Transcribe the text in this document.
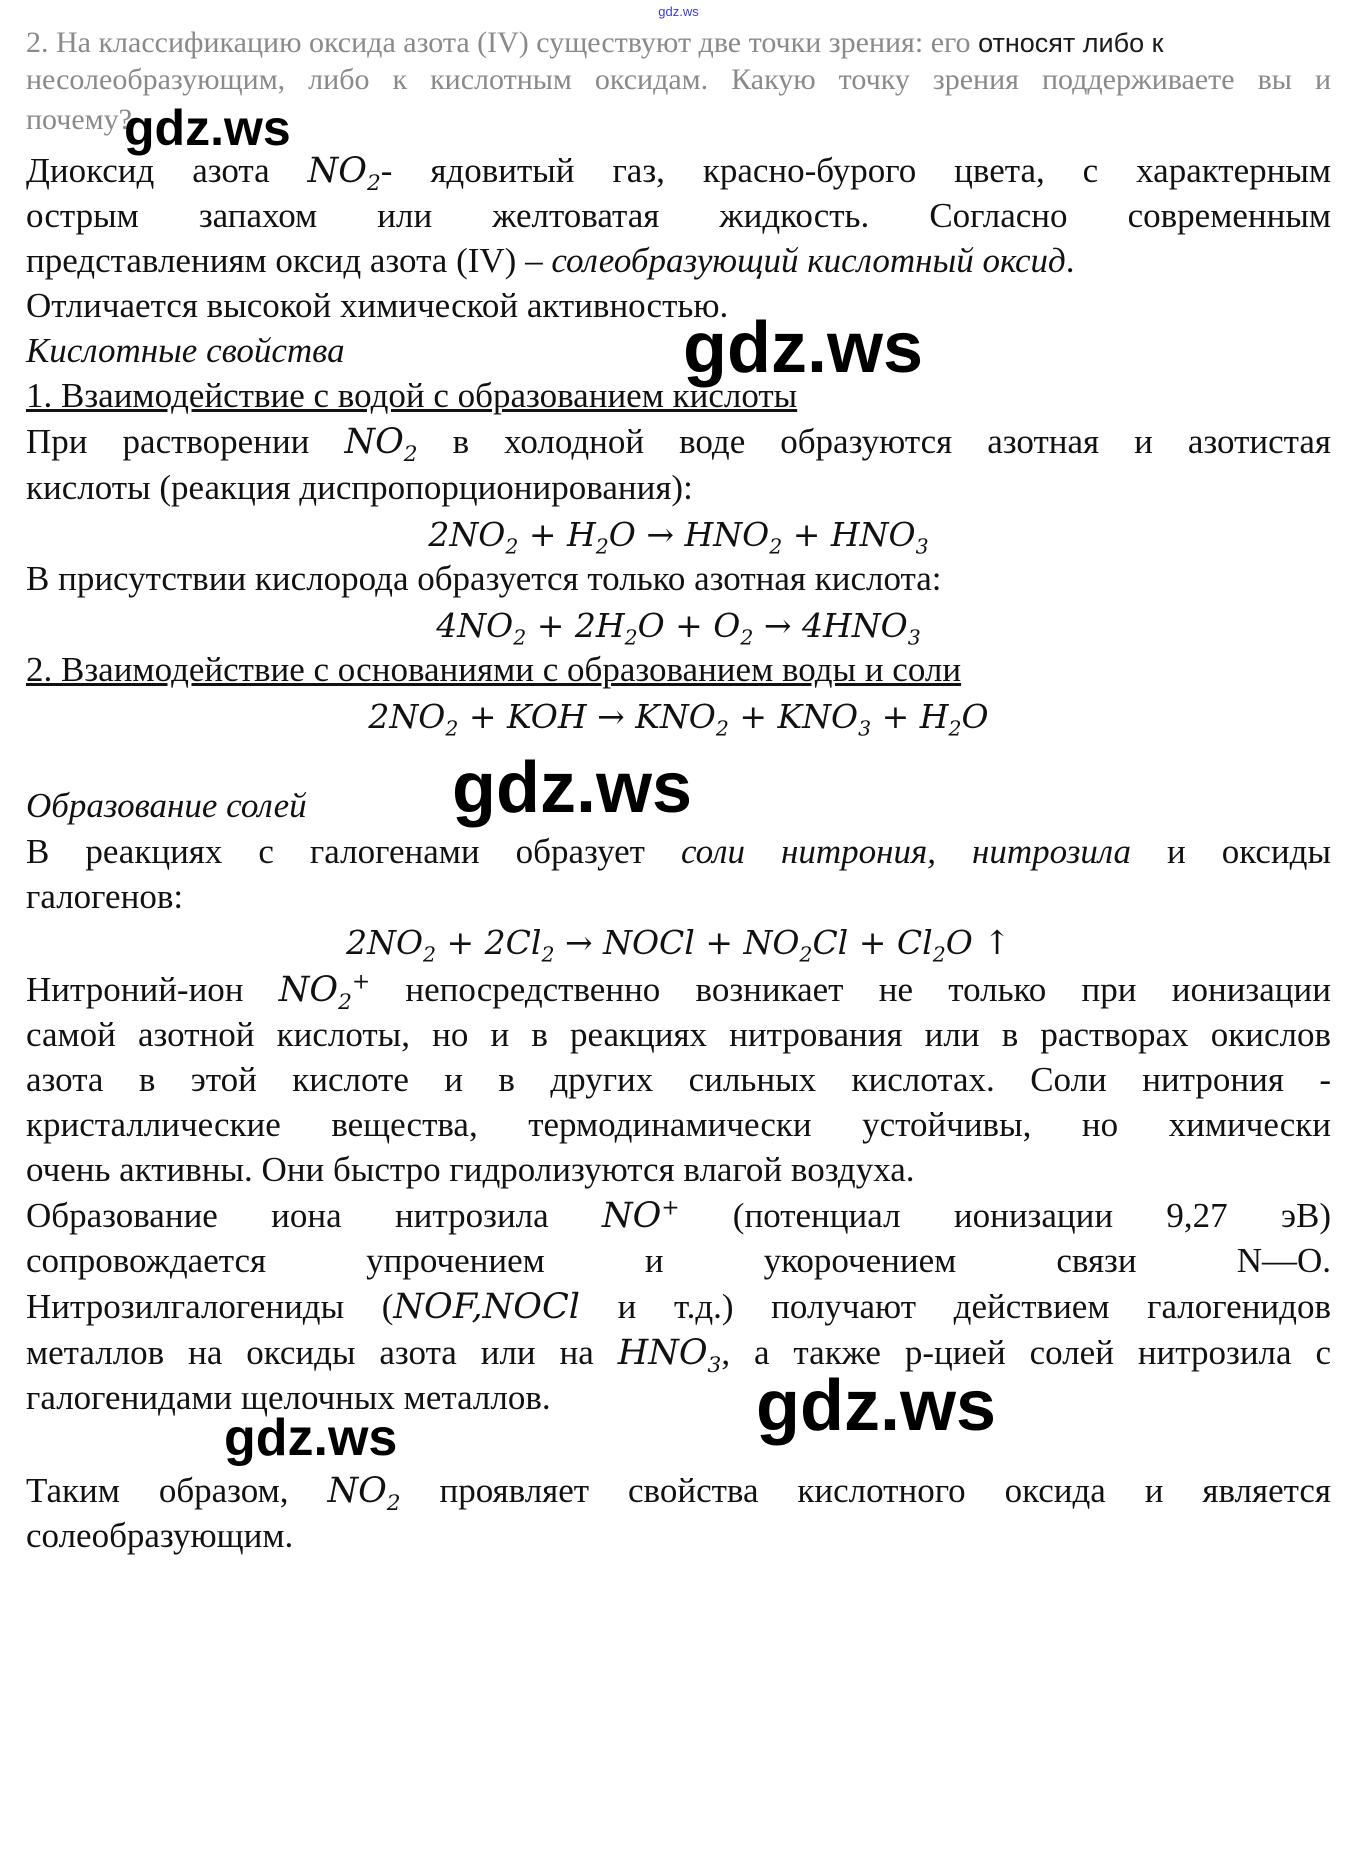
gdz.ws
2. На классификацию оксида азота (IV) существуют две точки зрения: его относят либо к
несолеобразующим, либо к кислотным оксидам. Какую точку зрения поддерживаете вы и
почему?
Диоксид азота $NO_2-$ ядовитый газ, красно-бурого цвета, с характерным
острым запахом или желтоватая жидкость. Согласно современным
представлениям оксид азота (IV) – солеобразующий кислотный оксид.
Отличается высокой химической активностью.
Кислотные свойства
1. Взаимодействие с водой с образованием кислоты
При растворении $NO_2$ в холодной воде образуются азотная и азотистая
кислоты (реакция диспропорционирования):
$2NO_2 + H_2O \to HNO_2 + HNO_3$
В присутствии кислорода образуется только азотная кислота:
$4NO_2 + 2H_2O + O_2 \to 4HNO_3$
2. Взаимодействие с основаниями с образованием воды и соли
$2NO_2$ + KOH → $KNO_2 + KNO_3 + H_2O$
Образование солей
В реакциях с галогенами образует соли нитрония, нитрозила и оксиды
галогенов:
$2NO_2 + 2Cl_2$ → NOCl + $NO_2Cl + Cl_2O$ ↑
Нитроний-ион $NO_2^+$ непосредственно возникает не только при ионизации
самой азотной кислоты, но и в реакциях нитрования или в растворах окислов
азота в этой кислоте и в других сильных кислотах. Соли нитрония -
кристаллические вещества, термодинамически устойчивы, но химически
очень активны. Они быстро гидролизуются влагой воздуха.
Образование иона нитрозила NO+ (потенциал ионизации 9,27 эВ)
сопровождается упрочением и укорочением связи N—O.
Нитрозилгалогениды (NOF,NOCl и т.д.) получают действием галогенидов
металлов на оксиды азота или на $HNO_3$, а также р-цией солей нитрозила с
галогенидами щелочных металлов.
Таким образом, $NO_2$ проявляет свойства кислотного оксида и является
солеобразующим.
gdz.ws
gdz.ws
gdz.ws
gdz.ws
gdz.ws
